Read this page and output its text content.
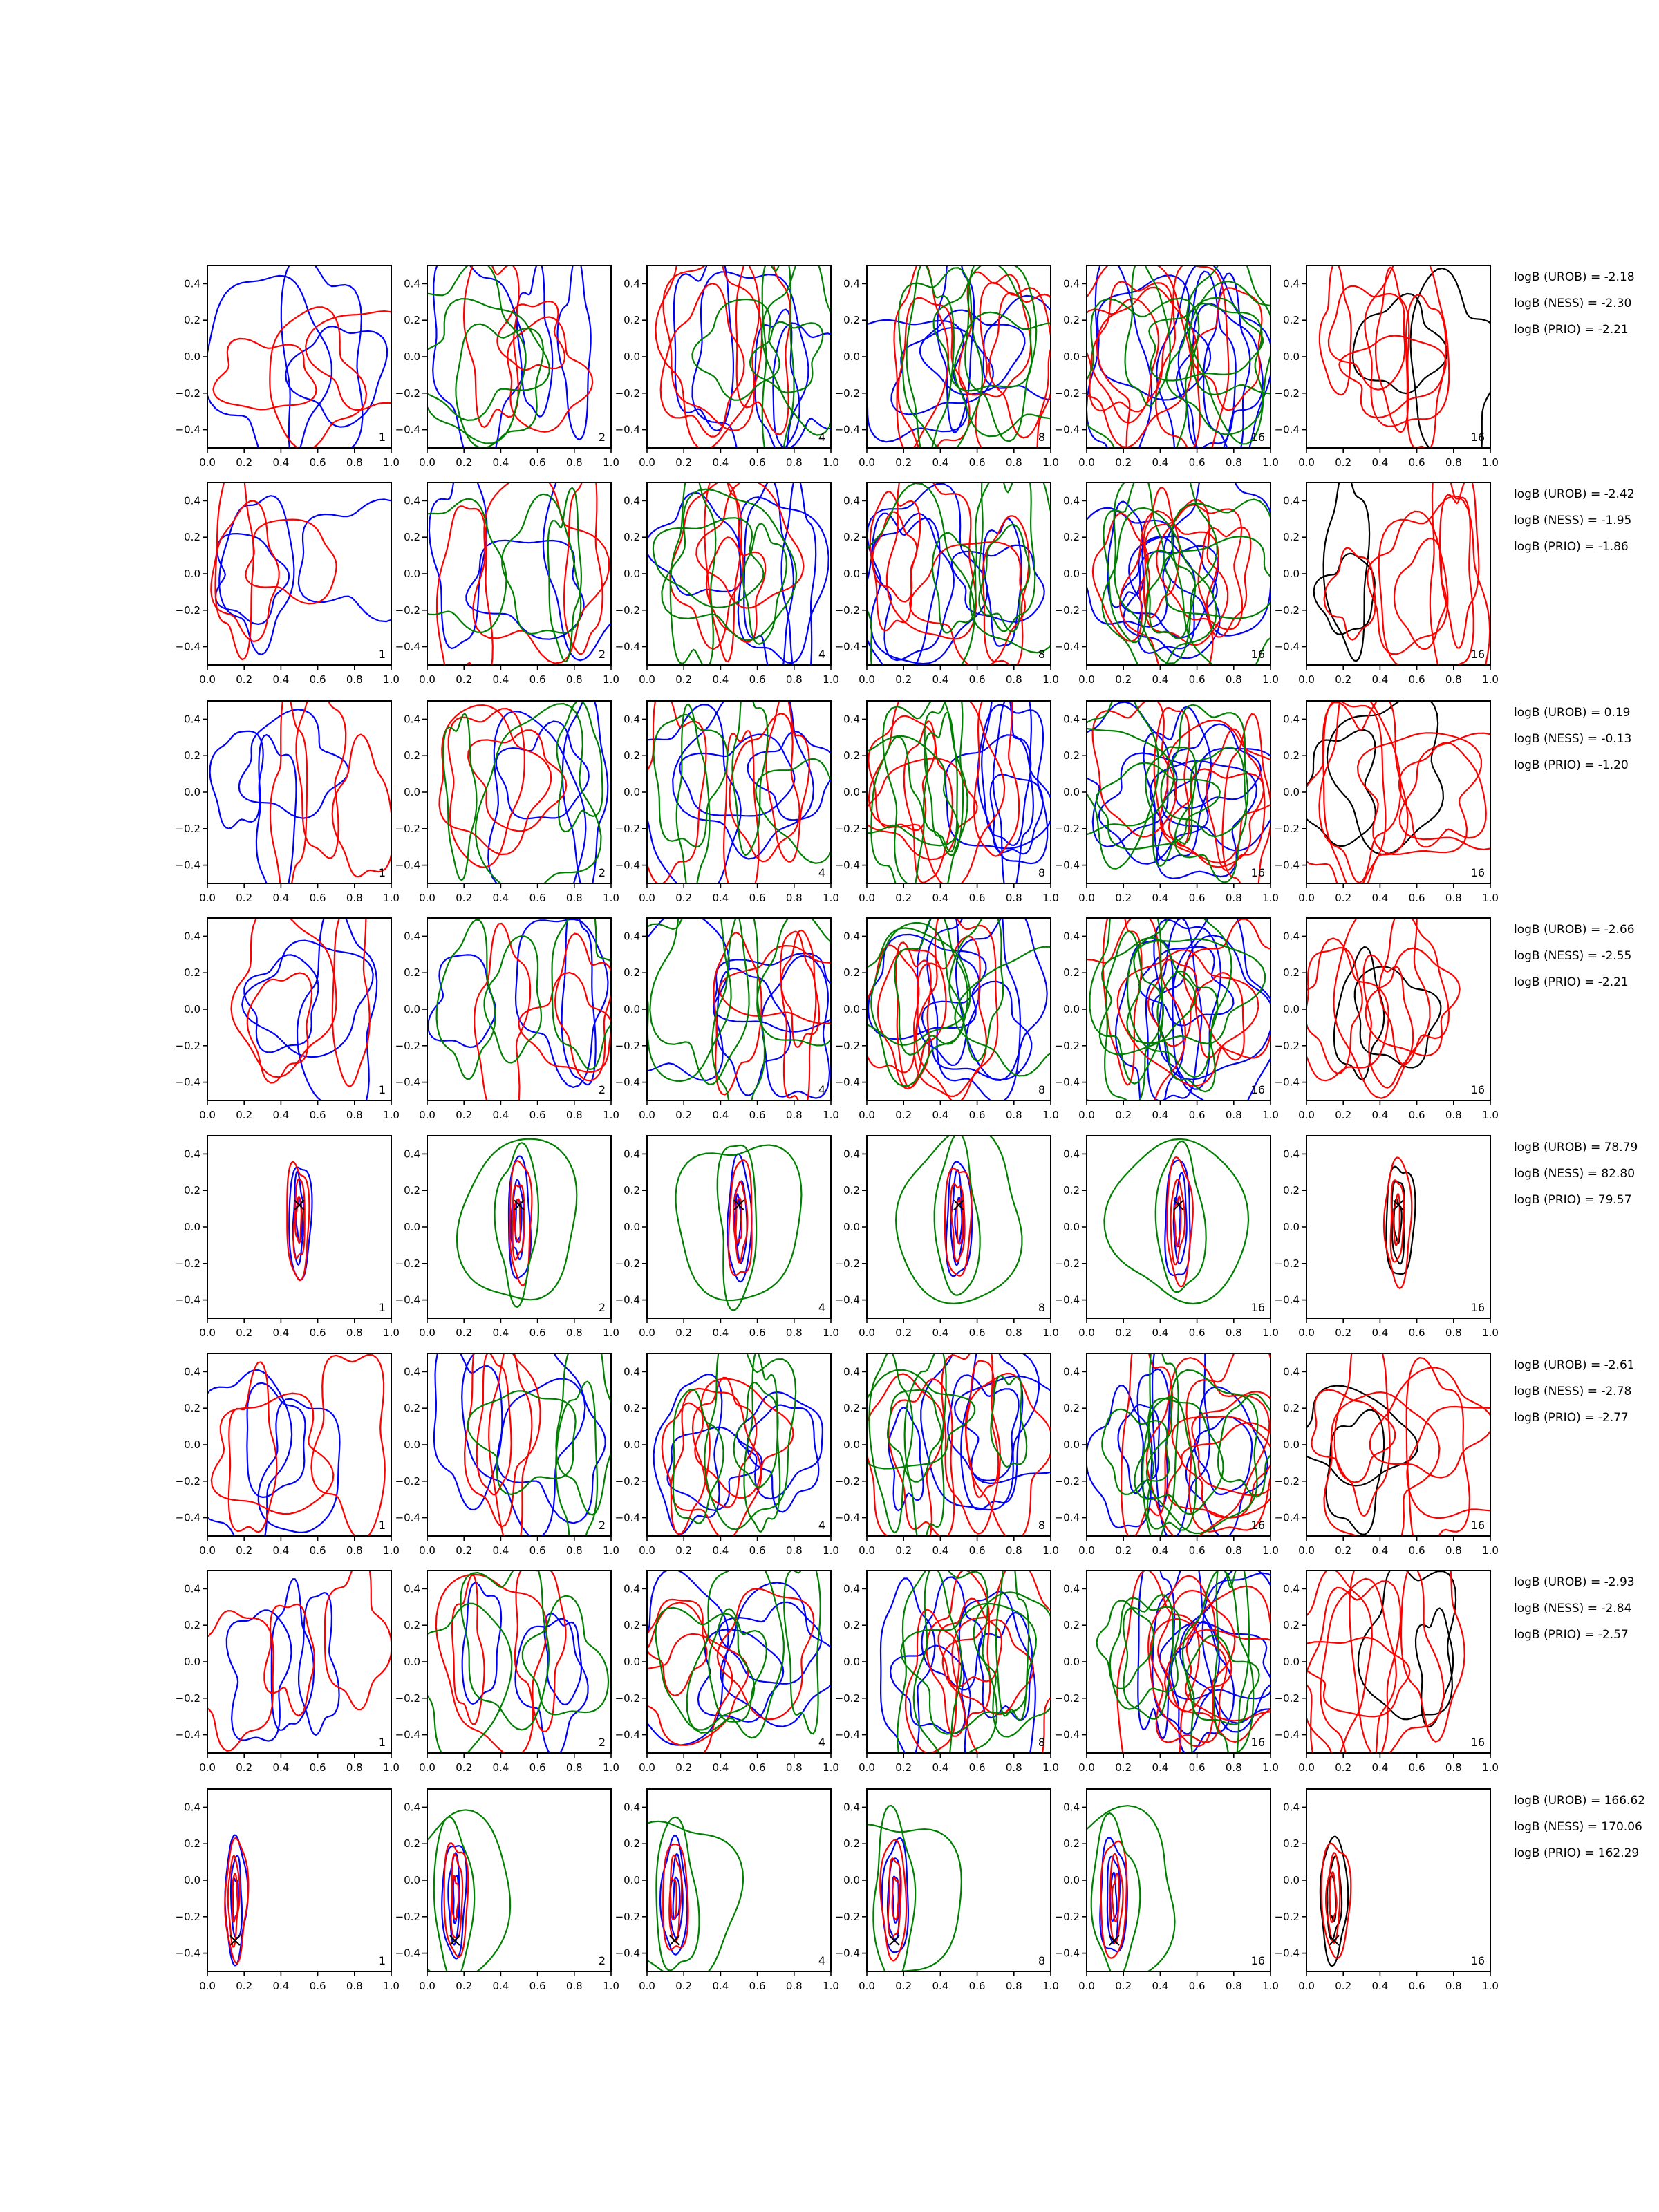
0.0 0.2 0.4 0.6 0.8 1.0
0.4
0.2
0.0
−0.2
−0.4
1
0.0 0.2 0.4 0.6 0.8 1.0
0.4
0.2
0.0
−0.2
−0.4
2
0.0 0.2 0.4 0.6 0.8 1.0
0.4
0.2
0.0
−0.2
−0.4
4
0.0 0.2 0.4 0.6 0.8 1.0
0.4
0.2
0.0
−0.2
−0.4
8
0.0 0.2 0.4 0.6 0.8 1.0
0.4
0.2
0.0
−0.2
−0.4
16
0.0 0.2 0.4 0.6 0.8 1.0
0.4
0.2
0.0
−0.2
−0.4
16
logB (UROB) = -2.18
logB (NESS) = -2.30
logB (PRIO) = -2.21
0.0 0.2 0.4 0.6 0.8 1.0
0.4
0.2
0.0
−0.2
−0.4
1
0.0 0.2 0.4 0.6 0.8 1.0
0.4
0.2
0.0
−0.2
−0.4
2
0.0 0.2 0.4 0.6 0.8 1.0
0.4
0.2
0.0
−0.2
−0.4
4
0.0 0.2 0.4 0.6 0.8 1.0
0.4
0.2
0.0
−0.2
−0.4
8
0.0 0.2 0.4 0.6 0.8 1.0
0.4
0.2
0.0
−0.2
−0.4
16
0.0 0.2 0.4 0.6 0.8 1.0
0.4
0.2
0.0
−0.2
−0.4
16
logB (UROB) = -2.42
logB (NESS) = -1.95
logB (PRIO) = -1.86
0.0 0.2 0.4 0.6 0.8 1.0
0.4
0.2
0.0
−0.2
−0.4
1
0.0 0.2 0.4 0.6 0.8 1.0
0.4
0.2
0.0
−0.2
−0.4
2
0.0 0.2 0.4 0.6 0.8 1.0
0.4
0.2
0.0
−0.2
−0.4
4
0.0 0.2 0.4 0.6 0.8 1.0
0.4
0.2
0.0
−0.2
−0.4
8
0.0 0.2 0.4 0.6 0.8 1.0
0.4
0.2
0.0
−0.2
−0.4
16
0.0 0.2 0.4 0.6 0.8 1.0
0.4
0.2
0.0
−0.2
−0.4
16
logB (UROB) = 0.19
logB (NESS) = -0.13
logB (PRIO) = -1.20
0.0 0.2 0.4 0.6 0.8 1.0
0.4
0.2
0.0
−0.2
−0.4
1
0.0 0.2 0.4 0.6 0.8 1.0
0.4
0.2
0.0
−0.2
−0.4
2
0.0 0.2 0.4 0.6 0.8 1.0
0.4
0.2
0.0
−0.2
−0.4
4
0.0 0.2 0.4 0.6 0.8 1.0
0.4
0.2
0.0
−0.2
−0.4
8
0.0 0.2 0.4 0.6 0.8 1.0
0.4
0.2
0.0
−0.2
−0.4
16
0.0 0.2 0.4 0.6 0.8 1.0
0.4
0.2
0.0
−0.2
−0.4
16
logB (UROB) = -2.66
logB (NESS) = -2.55
logB (PRIO) = -2.21
0.0 0.2 0.4 0.6 0.8 1.0
0.4
0.2
0.0
−0.2
−0.4
1
0.0 0.2 0.4 0.6 0.8 1.0
0.4
0.2
0.0
−0.2
−0.4
2
0.0 0.2 0.4 0.6 0.8 1.0
0.4
0.2
0.0
−0.2
−0.4
4
0.0 0.2 0.4 0.6 0.8 1.0
0.4
0.2
0.0
−0.2
−0.4
8
0.0 0.2 0.4 0.6 0.8 1.0
0.4
0.2
0.0
−0.2
−0.4
16
0.0 0.2 0.4 0.6 0.8 1.0
0.4
0.2
0.0
−0.2
−0.4
16
logB (UROB) = 78.79
logB (NESS) = 82.80
logB (PRIO) = 79.57
0.0 0.2 0.4 0.6 0.8 1.0
0.4
0.2
0.0
−0.2
−0.4
1
0.0 0.2 0.4 0.6 0.8 1.0
0.4
0.2
0.0
−0.2
−0.4
2
0.0 0.2 0.4 0.6 0.8 1.0
0.4
0.2
0.0
−0.2
−0.4
4
0.0 0.2 0.4 0.6 0.8 1.0
0.4
0.2
0.0
−0.2
−0.4
8
0.0 0.2 0.4 0.6 0.8 1.0
0.4
0.2
0.0
−0.2
−0.4
16
0.0 0.2 0.4 0.6 0.8 1.0
0.4
0.2
0.0
−0.2
−0.4
16
logB (UROB) = -2.61
logB (NESS) = -2.78
logB (PRIO) = -2.77
0.0 0.2 0.4 0.6 0.8 1.0
0.4
0.2
0.0
−0.2
−0.4
1
0.0 0.2 0.4 0.6 0.8 1.0
0.4
0.2
0.0
−0.2
−0.4
2
0.0 0.2 0.4 0.6 0.8 1.0
0.4
0.2
0.0
−0.2
−0.4
4
0.0 0.2 0.4 0.6 0.8 1.0
0.4
0.2
0.0
−0.2
−0.4
8
0.0 0.2 0.4 0.6 0.8 1.0
0.4
0.2
0.0
−0.2
−0.4
16
0.0 0.2 0.4 0.6 0.8 1.0
0.4
0.2
0.0
−0.2
−0.4
16
logB (UROB) = -2.93
logB (NESS) = -2.84
logB (PRIO) = -2.57
0.0 0.2 0.4 0.6 0.8 1.0
0.4
0.2
0.0
−0.2
−0.4
1
0.0 0.2 0.4 0.6 0.8 1.0
0.4
0.2
0.0
−0.2
−0.4
2
0.0 0.2 0.4 0.6 0.8 1.0
0.4
0.2
0.0
−0.2
−0.4
4
0.0 0.2 0.4 0.6 0.8 1.0
0.4
0.2
0.0
−0.2
−0.4
8
0.0 0.2 0.4 0.6 0.8 1.0
0.4
0.2
0.0
−0.2
−0.4
16
0.0 0.2 0.4 0.6 0.8 1.0
0.4
0.2
0.0
−0.2
−0.4
16
logB (UROB) = 166.62
logB (NESS) = 170.06
logB (PRIO) = 162.29
